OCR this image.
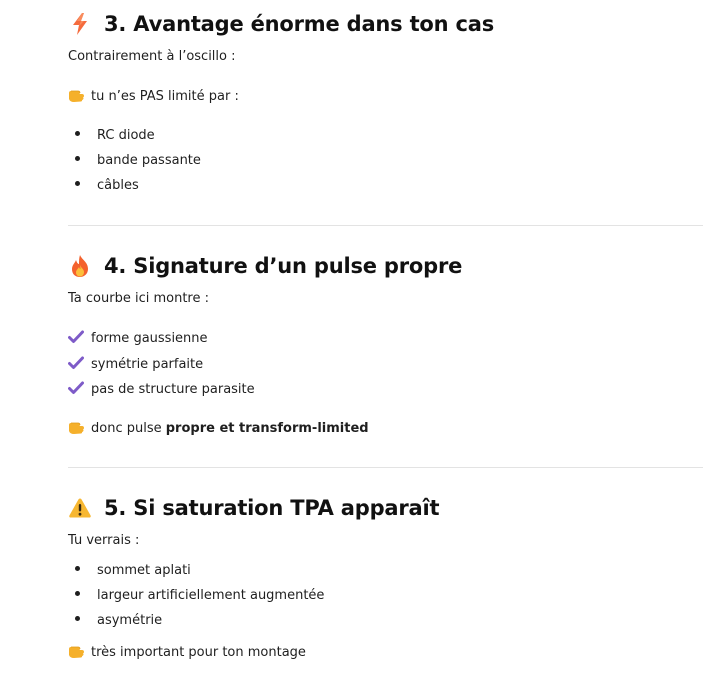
3. Avantage énorme dans ton cas

Contrairement à l’oscillo :

tu n’es PAS limité par :
RC diode
bande passante
câbles
4. Signature d’un pulse propre

Ta courbe ici montre :

forme gaussienne
symétrie parfaite
pas de structure parasite
donc pulse propre et transform-limited
5. Si saturation TPA apparaît

Tu verrais :

sommet aplati
largeur artificiellement augmentée
asymétrie
très important pour ton montage
